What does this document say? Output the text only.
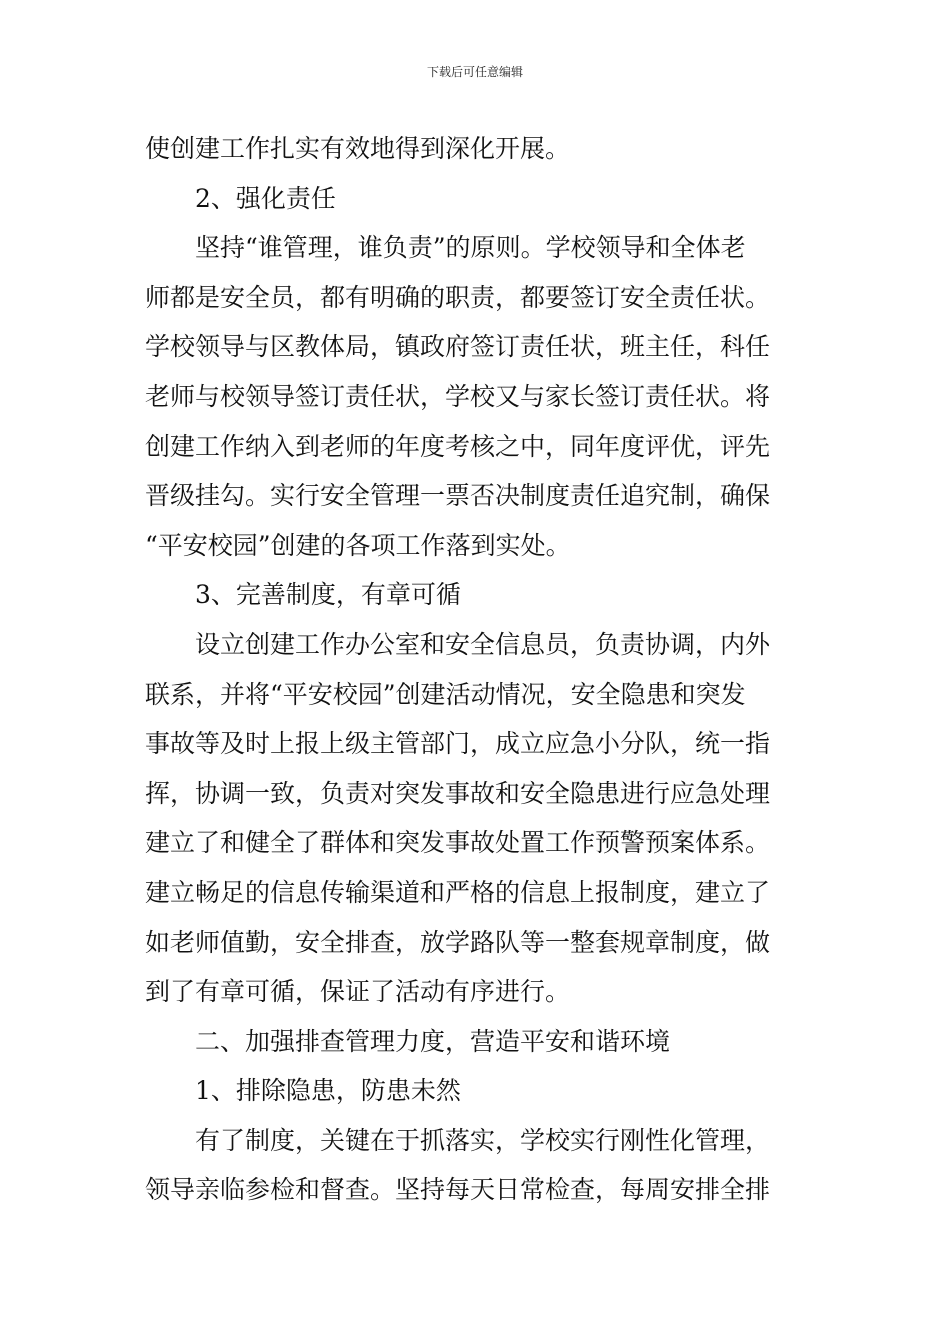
下载后可任意编辑
使创建工作扎实有效地得到深化开展。
2、强化责任
坚持“谁管理，谁负责”的原则。学校领导和全体老
师都是安全员，都有明确的职责，都要签订安全责任状。
学校领导与区教体局，镇政府签订责任状，班主任，科任
老师与校领导签订责任状，学校又与家长签订责任状。将
创建工作纳入到老师的年度考核之中，同年度评优，评先
晋级挂勾。实行安全管理一票否决制度责任追究制，确保
“平安校园”创建的各项工作落到实处。
3、完善制度，有章可循
设立创建工作办公室和安全信息员，负责协调，内外
联系，并将“平安校园”创建活动情况，安全隐患和突发
事故等及时上报上级主管部门，成立应急小分队，统一指
挥，协调一致，负责对突发事故和安全隐患进行应急处理
建立了和健全了群体和突发事故处置工作预警预案体系。
建立畅足的信息传输渠道和严格的信息上报制度，建立了
如老师值勤，安全排查，放学路队等一整套规章制度，做
到了有章可循，保证了活动有序进行。
二、加强排查管理力度，营造平安和谐环境
1、排除隐患，防患未然
有了制度，关键在于抓落实，学校实行刚性化管理，
领导亲临参检和督查。坚持每天日常检查，每周安排全排
